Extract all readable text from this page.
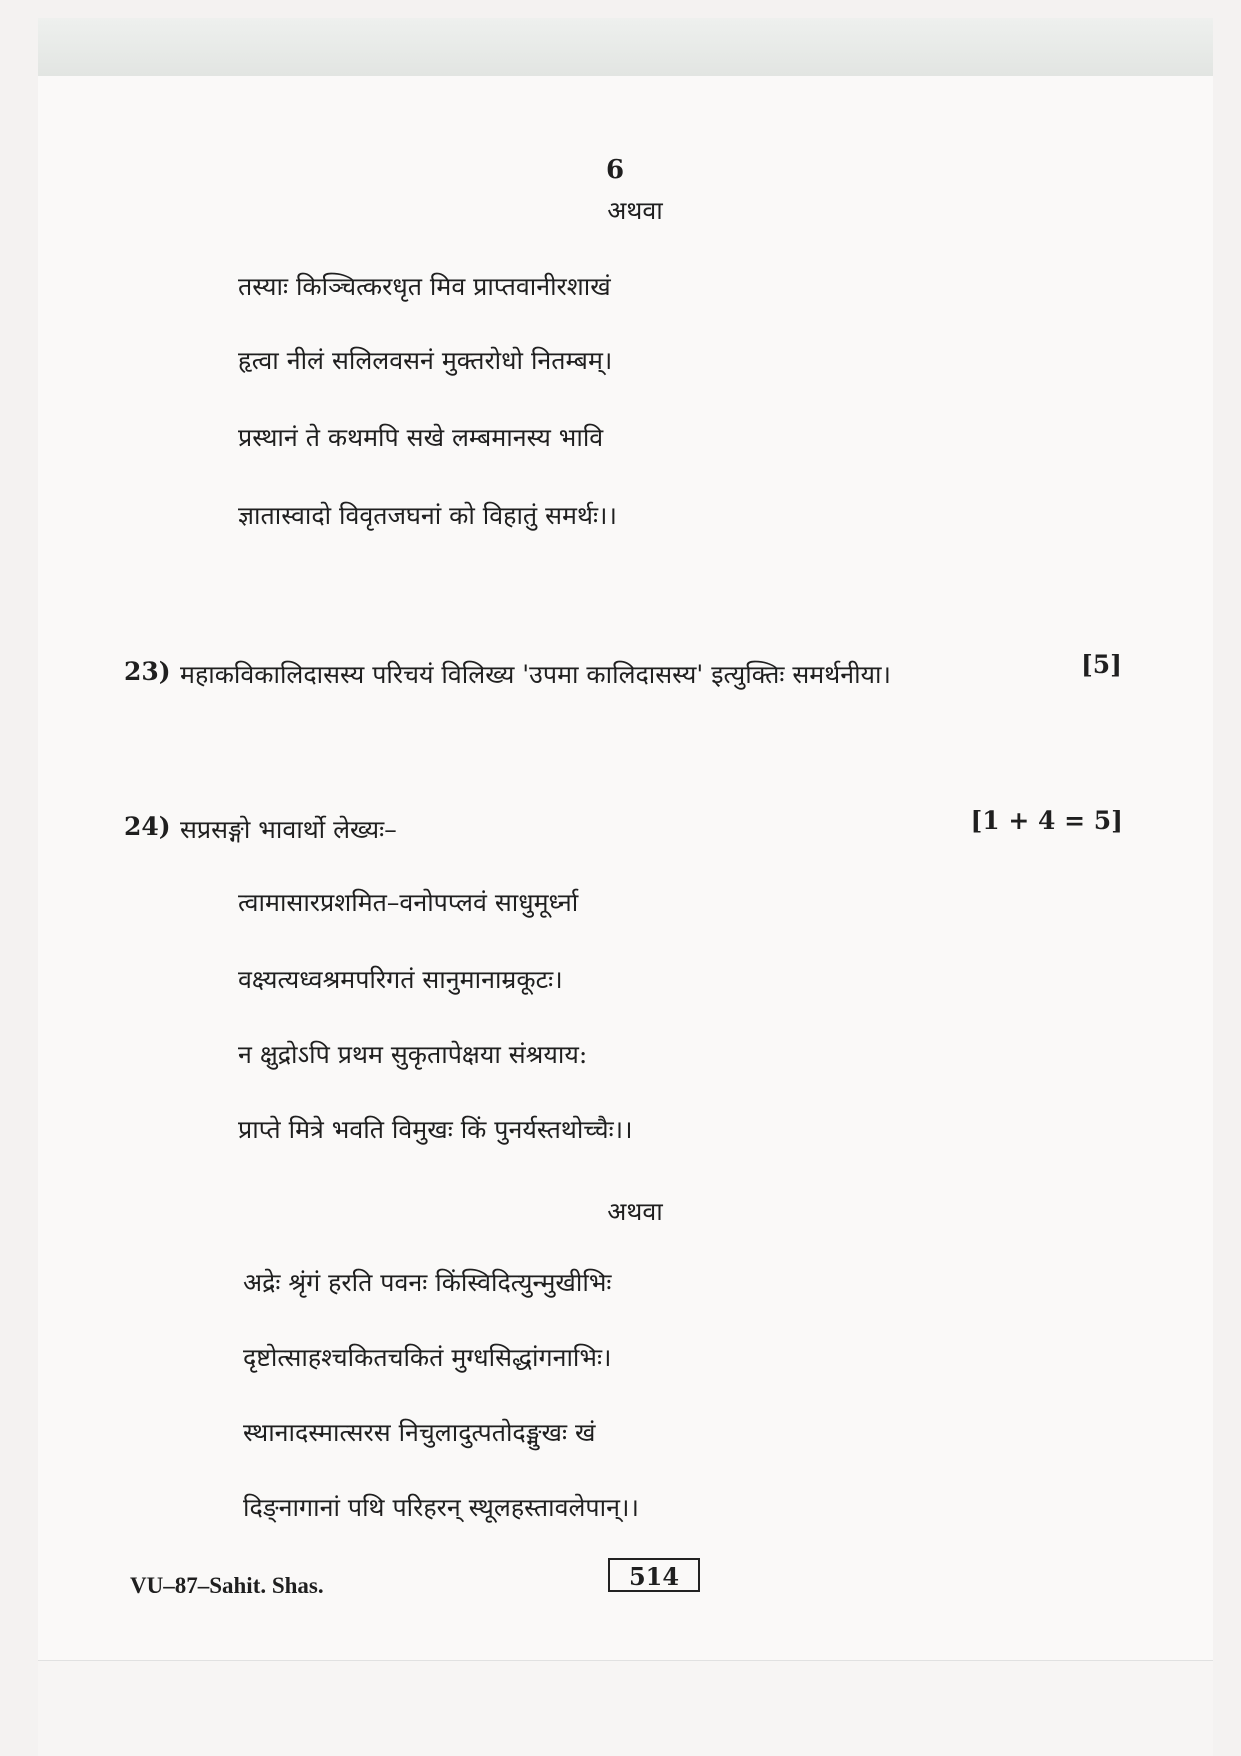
6
अथवा
तस्याः किञ्चित्करधृत मिव प्राप्तवानीरशाखं
हृत्वा नीलं सलिलवसनं मुक्तरोधो नितम्बम्।
प्रस्थानं ते कथमपि सखे लम्बमानस्य भावि
ज्ञातास्वादो विवृतजघनां को विहातुं समर्थः।।
23) महाकविकालिदासस्य परिचयं विलिख्य 'उपमा कालिदासस्य' इत्युक्तिः समर्थनीया।	[5]
24) सप्रसङ्गो भावार्थो लेख्यः–	[1 + 4 = 5]
त्वामासारप्रशमित–वनोपप्लवं साधुमूर्ध्ना
वक्ष्यत्यध्वश्रमपरिगतं सानुमानाम्रकूटः।
न क्षुद्रोऽपि प्रथम सुकृतापेक्षया संश्रयाय:
प्राप्ते मित्रे भवति विमुखः किं पुनर्यस्तथोच्चैः।।
अथवा
अद्रेः श्रृंगं हरति पवनः किंस्विदित्युन्मुखीभिः
दृष्टोत्साहश्चकितचकितं मुग्धसिद्धांगनाभिः।
स्थानादस्मात्सरस निचुलादुत्पतोदङ्मुखः खं
दिङ्नागानां पथि परिहरन् स्थूलहस्तावलेपान्।।
VU–87–Sahit. Shas.	514
